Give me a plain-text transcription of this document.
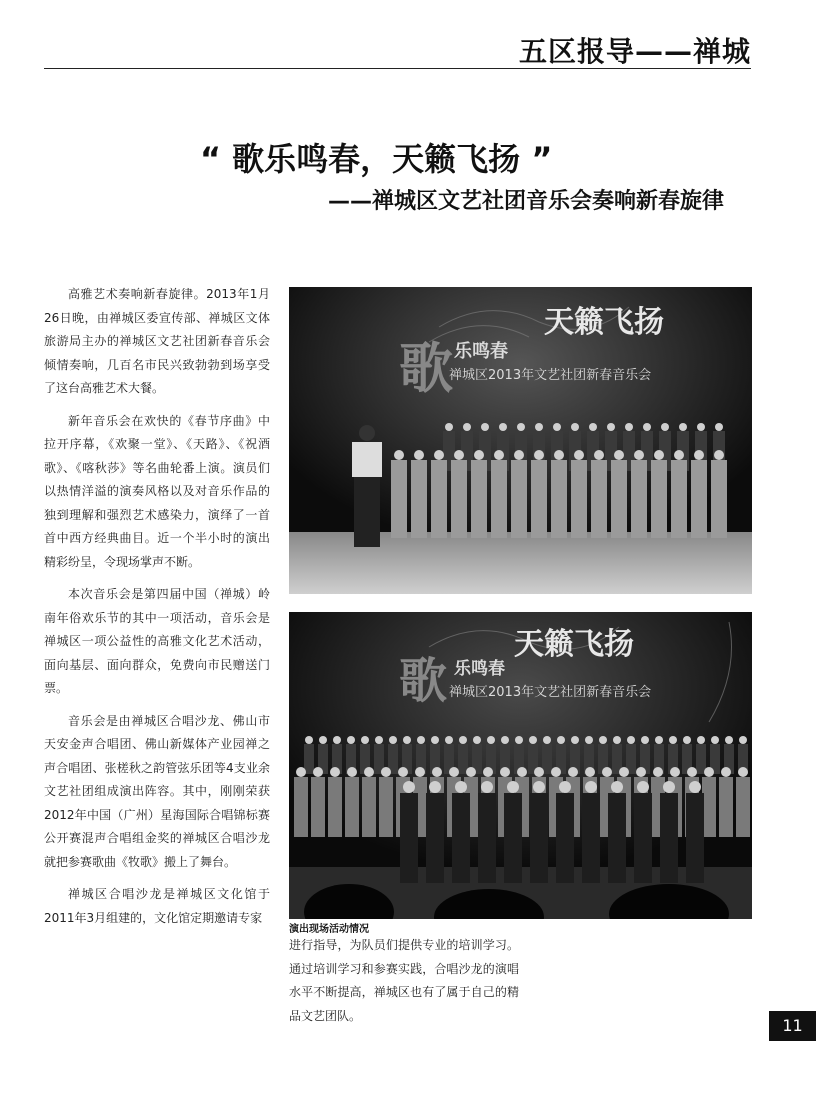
五区报导——禅城
“ 歌乐鸣春，天籁飞扬 ”
——禅城区文艺社团音乐会奏响新春旋律

高雅艺术奏响新春旋律。2013年1月26日晚，由禅城区委宣传部、禅城区文体旅游局主办的禅城区文艺社团新春音乐会倾情奏响，几百名市民兴致勃勃到场享受了这台高雅艺术大餐。

新年音乐会在欢快的《春节序曲》中拉开序幕，《欢聚一堂》、《天路》、《祝酒歌》、《喀秋莎》等名曲轮番上演。演员们以热情洋溢的演奏风格以及对音乐作品的独到理解和强烈艺术感染力，演绎了一首首中西方经典曲目。近一个半小时的演出精彩纷呈，令现场掌声不断。

本次音乐会是第四届中国（禅城）岭南年俗欢乐节的其中一项活动，音乐会是禅城区一项公益性的高雅文化艺术活动，面向基层、面向群众，免费向市民赠送门票。

音乐会是由禅城区合唱沙龙、佛山市天安金声合唱团、佛山新媒体产业园禅之声合唱团、张槎秋之韵管弦乐团等4支业余文艺社团组成演出阵容。其中，刚刚荣获2012年中国（广州）星海国际合唱锦标赛公开赛混声合唱组金奖的禅城区合唱沙龙就把参赛歌曲《牧歌》搬上了舞台。

禅城区合唱沙龙是禅城区文化馆于2011年3月组建的，文化馆定期邀请专家

天籁飞扬
歌 乐鸣春
禅城区2013年文艺社团新春音乐会
天籁飞扬
歌 乐鸣春
禅城区2013年文艺社团新春音乐会
演出现场活动情况

进行指导，为队员们提供专业的培训学习。通过培训学习和参赛实践，合唱沙龙的演唱水平不断提高，禅城区也有了属于自己的精品文艺团队。

11
